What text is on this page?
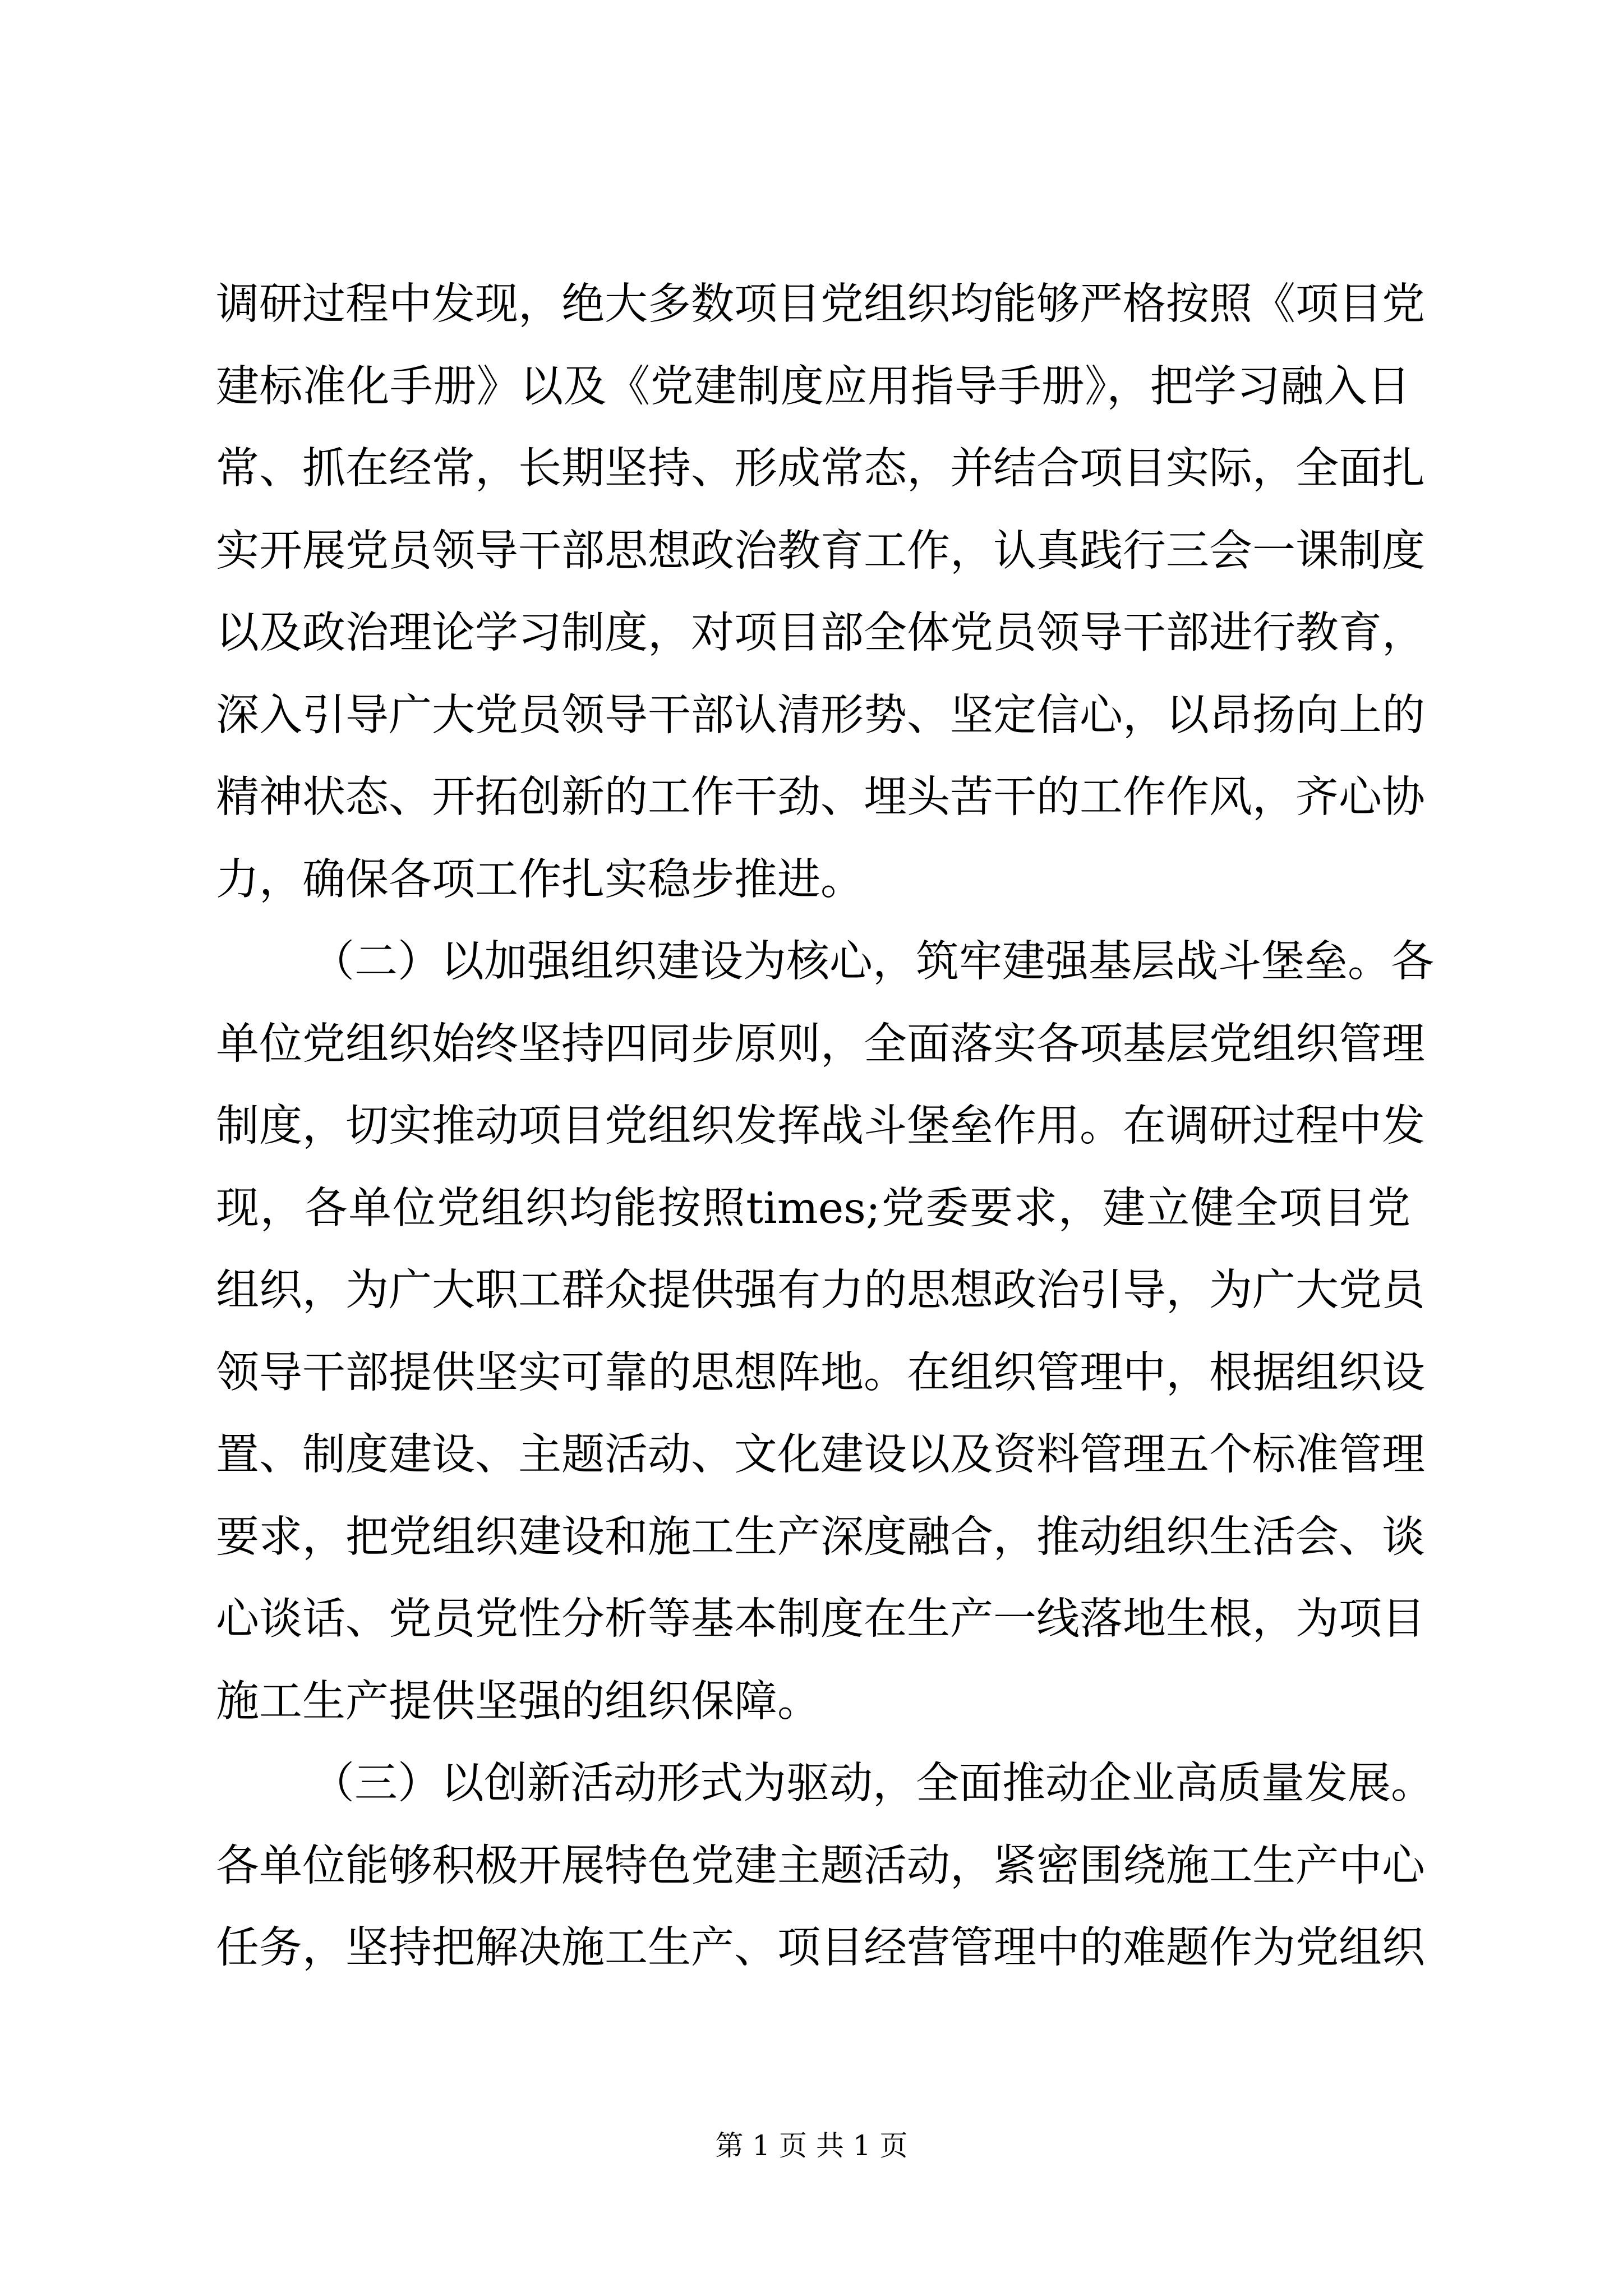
调研过程中发现，绝大多数项目党组织均能够严格按照《项目党
建标准化手册》以及《党建制度应用指导手册》，把学习融入日
常、抓在经常，长期坚持、形成常态，并结合项目实际，全面扎
实开展党员领导干部思想政治教育工作，认真践行三会一课制度
以及政治理论学习制度，对项目部全体党员领导干部进行教育，
深入引导广大党员领导干部认清形势、坚定信心，以昂扬向上的
精神状态、开拓创新的工作干劲、埋头苦干的工作作风，齐心协
力，确保各项工作扎实稳步推进。
（二）以加强组织建设为核心，筑牢建强基层战斗堡垒。各
单位党组织始终坚持四同步原则，全面落实各项基层党组织管理
制度，切实推动项目党组织发挥战斗堡垒作用。在调研过程中发
现，各单位党组织均能按照times;党委要求，建立健全项目党
组织，为广大职工群众提供强有力的思想政治引导，为广大党员
领导干部提供坚实可靠的思想阵地。在组织管理中，根据组织设
置、制度建设、主题活动、文化建设以及资料管理五个标准管理
要求，把党组织建设和施工生产深度融合，推动组织生活会、谈
心谈话、党员党性分析等基本制度在生产一线落地生根，为项目
施工生产提供坚强的组织保障。
（三）以创新活动形式为驱动，全面推动企业高质量发展。
各单位能够积极开展特色党建主题活动，紧密围绕施工生产中心
任务，坚持把解决施工生产、项目经营管理中的难题作为党组织
第 1 页 共 1 页
